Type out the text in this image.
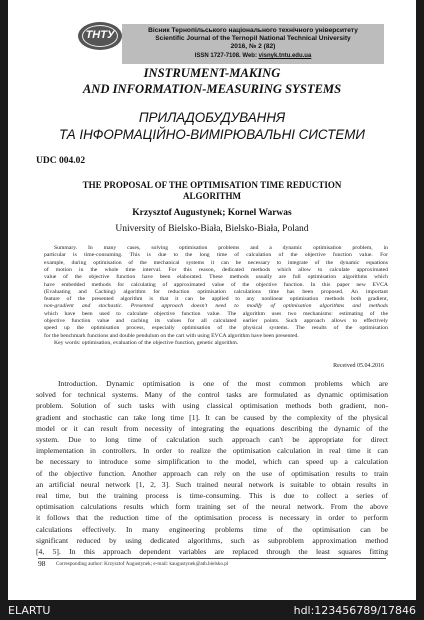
ТНТУ	Вісник Тернопільського національного технічного університету
Scientific Journal of the Ternopil National Technical University
2016, № 2 (82)
ISSN 1727-7108. Web: visnyk.tntu.edu.ua
INSTRUMENT-MAKING
AND INFORMATION-MEASURING SYSTEMS
ПРИЛАДОБУДУВАННЯ
ТА ІНФОРМАЦІЙНО-ВИМІРЮВАЛЬНІ СИСТЕМИ
UDC 004.02
THE PROPOSAL OF THE OPTIMISATION TIME REDUCTION
ALGORITHM
Krzysztof Augustynek; Kornel Warwas
University of Bielsko-Biała, Bielsko-Biała, Poland
Summary. In many cases, solving optimisation problems and a dynamic optimisation problem, in
particular is time-consuming. This is due to the long time of calculation of the objective function value. For
example, during optimisation of the mechanical systems it can be necessary to integrate of the dynamic equations
of motion in the whole time interval. For this reason, dedicated methods which allow to calculate approximated
value of the objective function have been elaborated. These methods usually are full optimisation algorithms which
have embedded methods for calculating of approximated value of the objective function. In this paper new EVCA
(Evaluating and Caching) algorithm for reduction optimisation calculations time has been proposed. An important
feature of the presented algorithm is that it can be applied to any nonlinear optimisation methods both gradient,
non-gradient and stochastic. Presented approach doesn't need to modify of optimisation algorithms and methods
which have been used to calculate objective function value. The algorithm uses two mechanisms: estimating of the
objective function value and caching its values for all calculated earlier points. Such approach allows to effectively
speed up the optimisation process, especially optimisation of the physical systems. The results of the optimisation
for the benchmark functions and double pendulum on the cart with using EVCA algorithm have been presented.
Key words: optimisation, evaluation of the objective function, genetic algorithm.
Received 05.04.2016
Introduction. Dynamic optimisation is one of the most common problems which are
solved for technical systems. Many of the control tasks are formulated as dynamic optimisation
problem. Solution of such tasks with using classical optimisation methods both gradient, non-
gradient and stochastic can take long time [1]. It can be caused by the complexity of the physical
model or it can result from necessity of integrating the equations describing the dynamic of the
system. Due to long time of calculation such approach can't be appropriate for direct
implementation in controllers. In order to realize the optimisation calculation in real time it can
be necessary to introduce some simplification to the model, which can speed up a calculation
of the objective function. Another approach can rely on the use of optimisation results to train
an artificial neural network [1, 2, 3]. Such trained neural network is suitable to obtain results in
real time, but the training process is time-consuming. This is due to collect a series of
optimisation calculations results which form training set of the neural network. From the above
it follows that the reduction time of the optimisation process is necessary in order to perform
calculations effectively. In many engineering problems time of the optimisation can be
significant reduced by using dedicated algorithms, such as subproblem approximation method
[4, 5]. In this approach dependent variables are replaced through the least squares fitting
98 Corresponding author: Krzysztof Augustynek; e-mail: kaugustynek@ath.bielsko.pl
ELARTU	hdl:123456789/17846
